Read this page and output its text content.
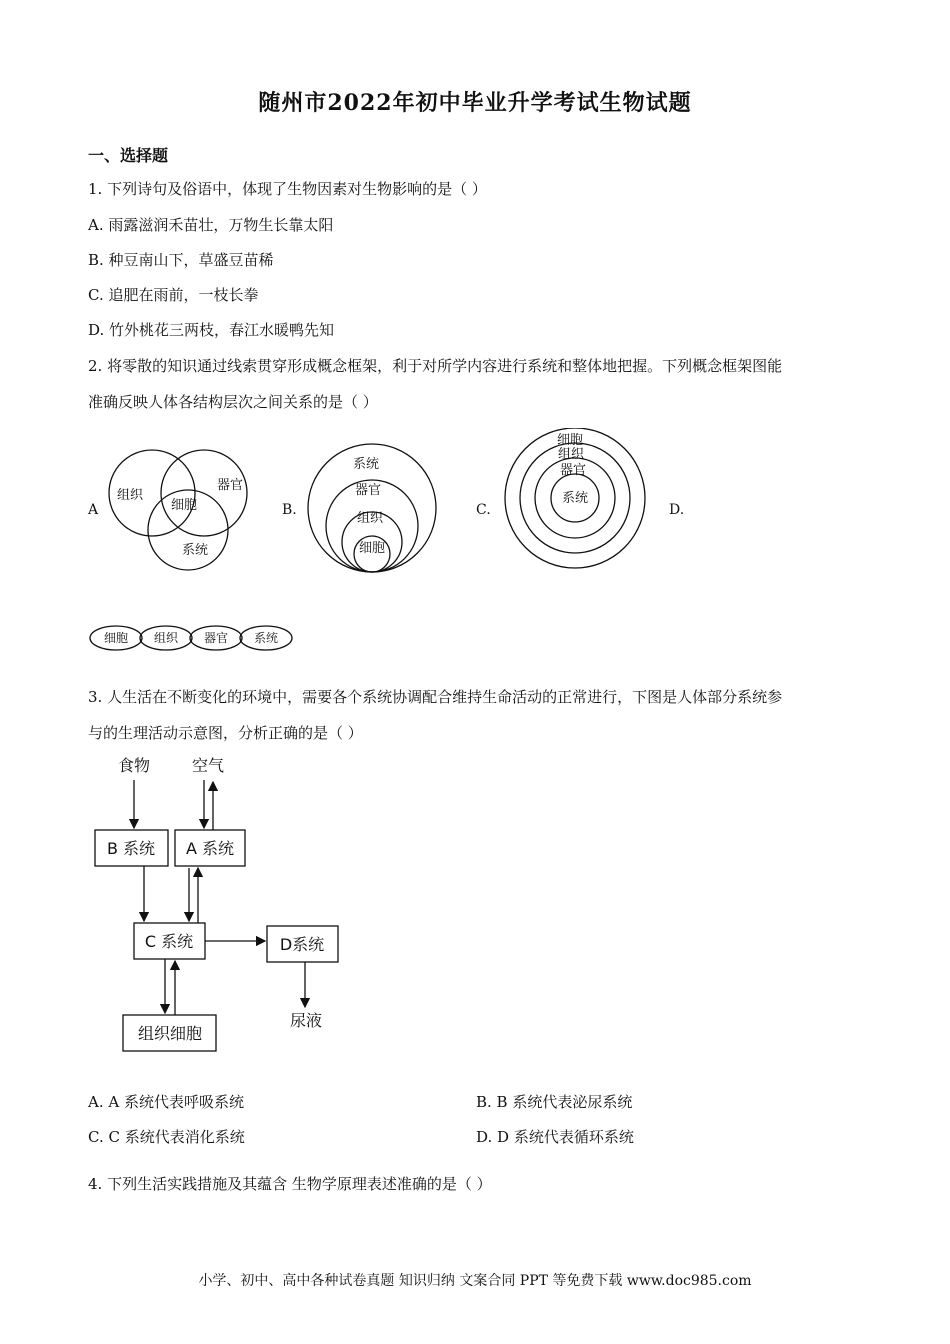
随州市2022年初中毕业升学考试生物试题
一、选择题
1. 下列诗句及俗语中，体现了生物因素对生物影响的是（ ）
A. 雨露滋润禾苗壮，万物生长靠太阳
B. 种豆南山下，草盛豆苗稀
C. 追肥在雨前，一枝长拳
D. 竹外桃花三两枝，春江水暖鸭先知
2. 将零散的知识通过线索贯穿形成概念框架，利于对所学内容进行系统和整体地把握。下列概念框架图能
准确反映人体各结构层次之间关系的是（ ）
A	B.	C.	D.
组织
细胞
器官
系统
系统
器官
组织
细胞
细胞
组织
器官
系统
细胞 组织 器官 系统
3. 人生活在不断变化的环境中，需要各个系统协调配合维持生命活动的正常进行，下图是人体部分系统参
与的生理活动示意图，分析正确的是（ ）
食物	空气
B 系统 A 系统
C 系统	D系统
组织细胞
尿液
A. A 系统代表呼吸系统	B. B 系统代表泌尿系统
C. C 系统代表消化系统	D. D 系统代表循环系统
4. 下列生活实践措施及其蕴含 生物学原理表述准确的是（ ）
小学、初中、高中各种试卷真题 知识归纳 文案合同 PPT 等免费下载 www.doc985.com
